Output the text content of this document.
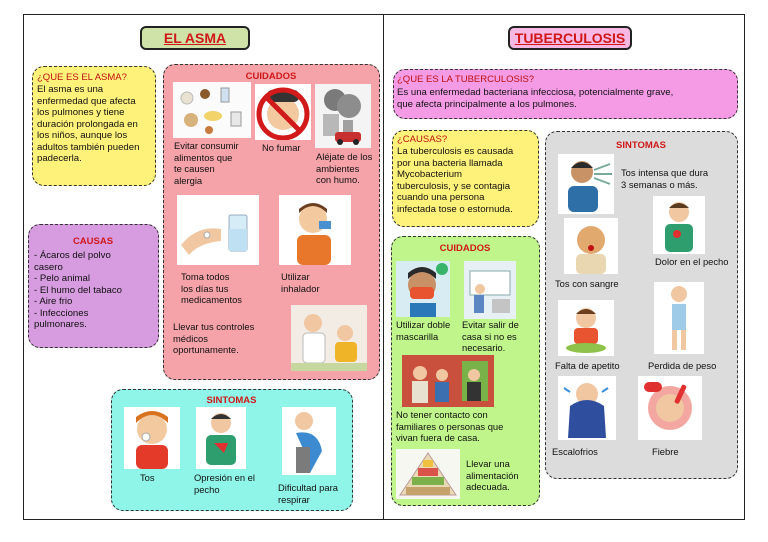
EL ASMA

¿QUE ES EL ASMA?

El asma es una
enfermedad que afecta
los pulmones y tiene
duración prolongada en
los niños, aunque los
adultos también pueden
padecerla.

CAUSAS

- Ácaros del polvo
casero
- Pelo animal
- El humo del tabaco
- Aire frio
- Infecciones
pulmonares.

CUIDADOS

Evitar consumir
alimentos que
te causen
alergia

No fumar

Aléjate de los
ambientes
con humo.

Toma todos
los días tus
medicamentos

Utilizar
inhalador

Llevar tus controles
médicos
oportunamente.

SINTOMAS

Tos	Opresión en el
pecho	Dificultad para
respirar

TUBERCULOSIS

¿QUE ES LA TUBERCULOSIS?

Es una enfermedad bacteriana infecciosa, potencialmente grave,
que afecta principalmente a los pulmones.

¿CAUSAS?

La tuberculosis es causada
por una bacteria llamada
Mycobacterium
tuberculosis, y se contagia
cuando una persona
infectada tose o estornuda.

CUIDADOS

Utilizar doble
mascarilla

Evitar salir de
casa si no es
necesario.

No tener contacto con
familiares o personas que
vivan fuera de casa.

Llevar una
alimentación
adecuada.

SINTOMAS

Tos intensa que dura
3 semanas o más.

Dolor en el pecho

Tos con sangre

Falta de apetito	Perdida de peso

Escalofrios	Fiebre
